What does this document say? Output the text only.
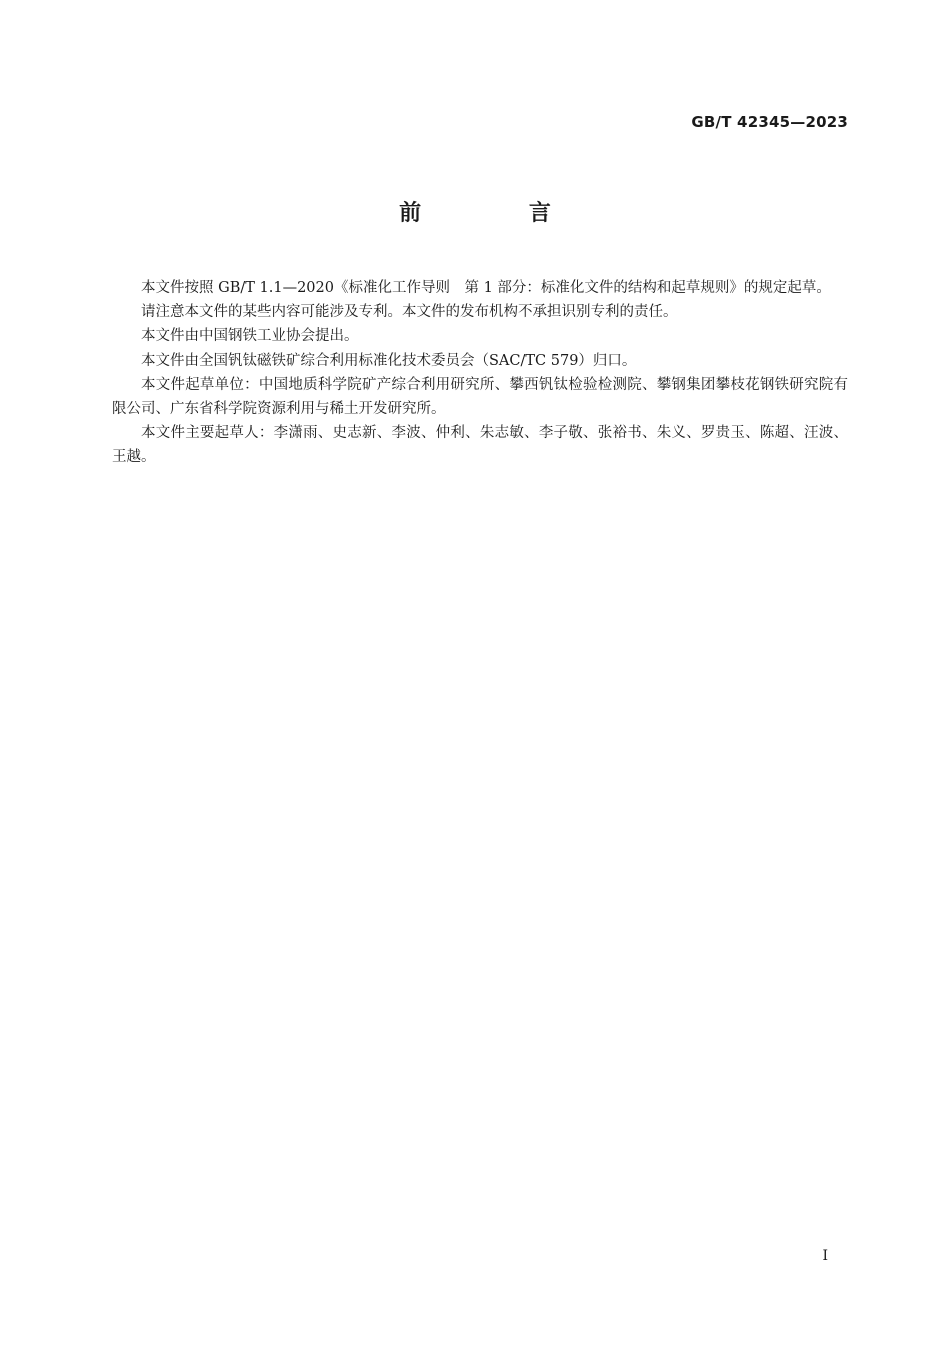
GB/T 42345—2023
前 言

本文件按照 GB/T 1.1—2020《标准化工作导则　第 1 部分：标准化文件的结构和起草规则》的规定起草。

请注意本文件的某些内容可能涉及专利。本文件的发布机构不承担识别专利的责任。

本文件由中国钢铁工业协会提出。

本文件由全国钒钛磁铁矿综合利用标准化技术委员会（SAC/TC 579）归口。

本文件起草单位：中国地质科学院矿产综合利用研究所、攀西钒钛检验检测院、攀钢集团攀枝花钢铁研究院有限公司、广东省科学院资源利用与稀土开发研究所。

本文件主要起草人：李潇雨、史志新、李波、仲利、朱志敏、李子敬、张裕书、朱义、罗贵玉、陈超、汪波、王越。

I
